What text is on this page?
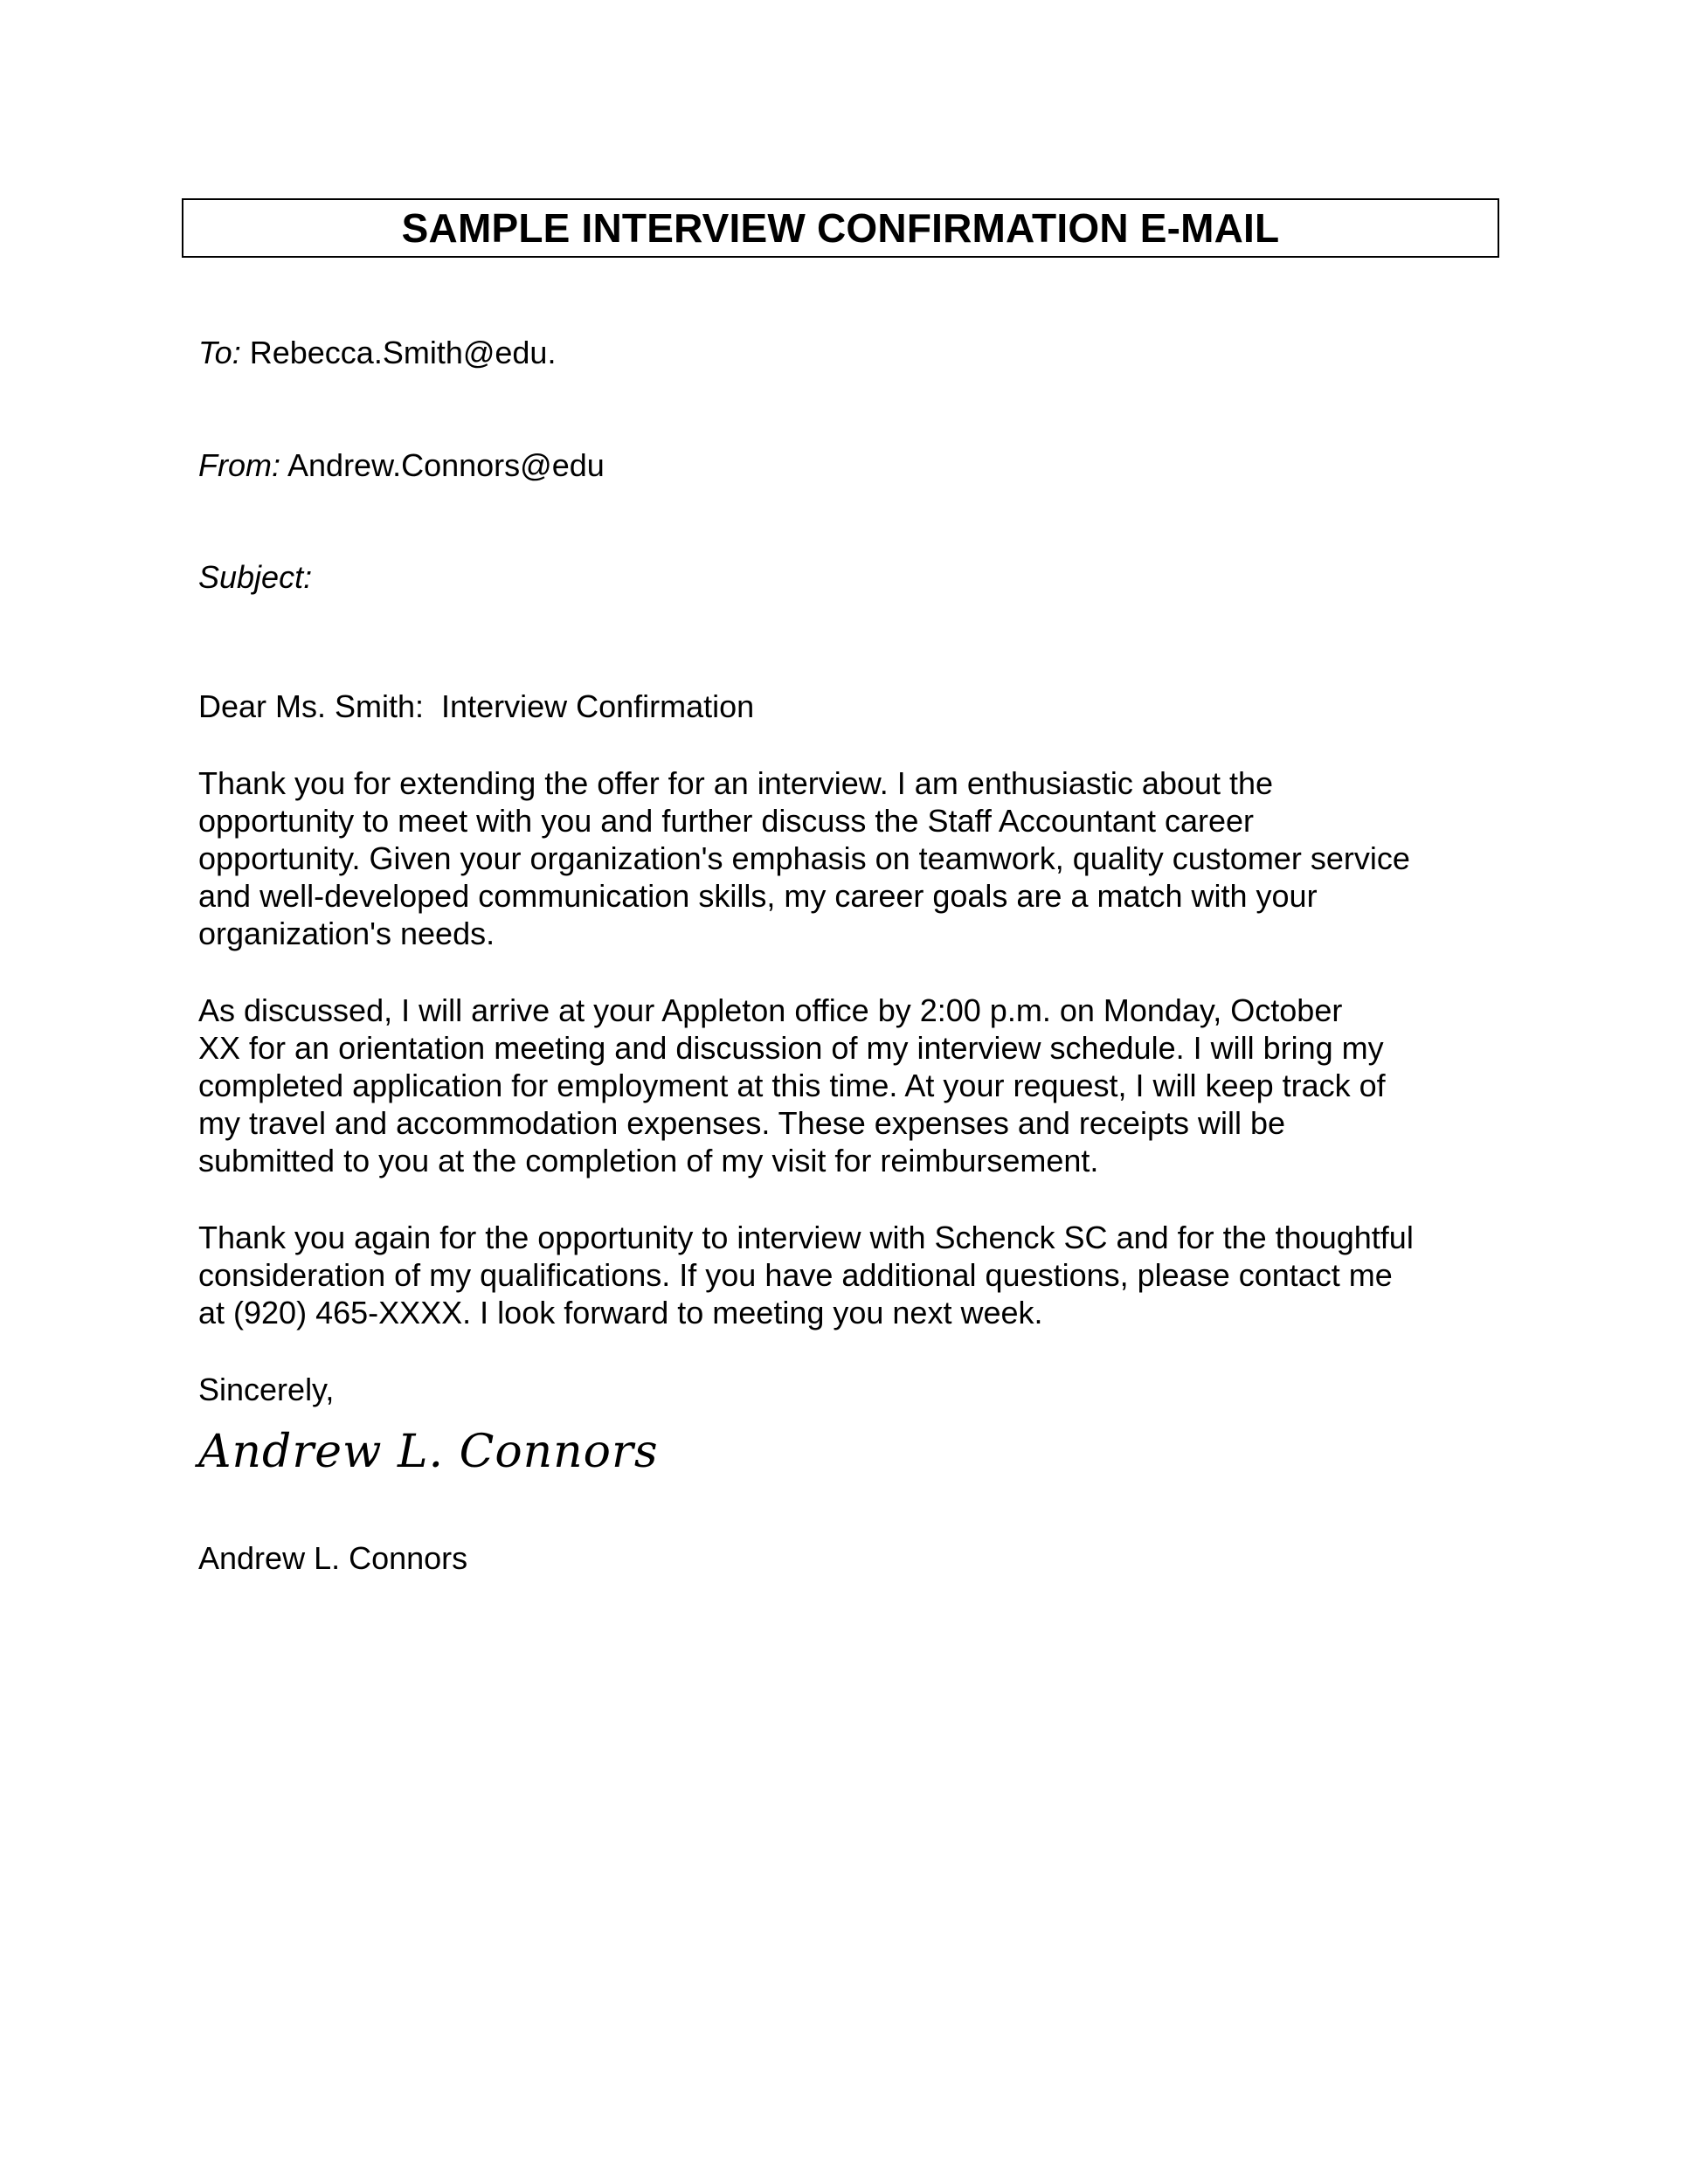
SAMPLE INTERVIEW CONFIRMATION E-MAIL
To: Rebecca.Smith@edu.
From: Andrew.Connors@edu
Subject:
Dear Ms. Smith:  Interview Confirmation
Thank you for extending the offer for an interview. I am enthusiastic about the
opportunity to meet with you and further discuss the Staff Accountant career
opportunity. Given your organization's emphasis on teamwork, quality customer service
and well-developed communication skills, my career goals are a match with your
organization's needs.
As discussed, I will arrive at your Appleton office by 2:00 p.m. on Monday, October
XX for an orientation meeting and discussion of my interview schedule. I will bring my
completed application for employment at this time. At your request, I will keep track of
my travel and accommodation expenses. These expenses and receipts will be
submitted to you at the completion of my visit for reimbursement.
Thank you again for the opportunity to interview with Schenck SC and for the thoughtful
consideration of my qualifications. If you have additional questions, please contact me
at (920) 465-XXXX. I look forward to meeting you next week.
Sincerely,
Andrew L. Connors
Andrew L. Connors
